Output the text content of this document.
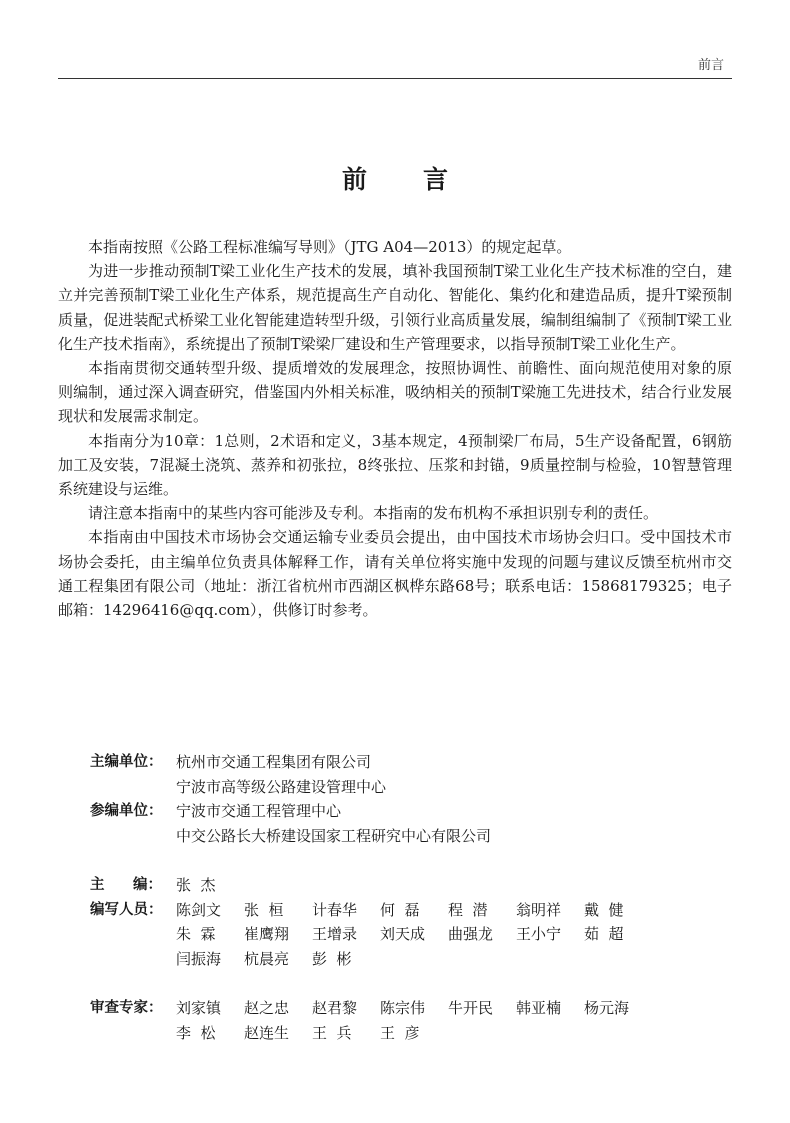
前言
前言

本指南按照《公路工程标准编写导则》（JTG A04—2013）的规定起草。

为进一步推动预制T梁工业化生产技术的发展，填补我国预制T梁工业化生产技术标准的空白，建立并完善预制T梁工业化生产体系，规范提高生产自动化、智能化、集约化和建造品质，提升T梁预制质量，促进装配式桥梁工业化智能建造转型升级，引领行业高质量发展，编制组编制了《预制T梁工业化生产技术指南》，系统提出了预制T梁梁厂建设和生产管理要求，以指导预制T梁工业化生产。

本指南贯彻交通转型升级、提质增效的发展理念，按照协调性、前瞻性、面向规范使用对象的原则编制，通过深入调查研究，借鉴国内外相关标准，吸纳相关的预制T梁施工先进技术，结合行业发展现状和发展需求制定。

本指南分为10章：1总则，2术语和定义，3基本规定，4预制梁厂布局，5生产设备配置，6钢筋加工及安装，7混凝土浇筑、蒸养和初张拉，8终张拉、压浆和封锚，9质量控制与检验，10智慧管理系统建设与运维。

请注意本指南中的某些内容可能涉及专利。本指南的发布机构不承担识别专利的责任。

本指南由中国技术市场协会交通运输专业委员会提出，由中国技术市场协会归口。受中国技术市场协会委托，由主编单位负责具体解释工作，请有关单位将实施中发现的问题与建议反馈至杭州市交通工程集团有限公司（地址：浙江省杭州市西湖区枫桦东路68号；联系电话：15868179325；电子邮箱：14296416@qq.com），供修订时参考。

主编单位： 杭州市交通工程集团有限公司
宁波市高等级公路建设管理中心
参编单位： 宁波市交通工程管理中心
中交公路长大桥建设国家工程研究中心有限公司
主 编： 张  杰
编写人员： 陈剑文	张  桓	计春华	何  磊	程  潜	翁明祥	戴  健
朱  霖	崔鹰翔	王增录	刘天成	曲强龙	王小宁	茹  超
闫振海	杭晨亮	彭  彬
审查专家： 刘家镇	赵之忠	赵君黎	陈宗伟	牛开民	韩亚楠	杨元海
李  松	赵连生	王  兵	王  彦
